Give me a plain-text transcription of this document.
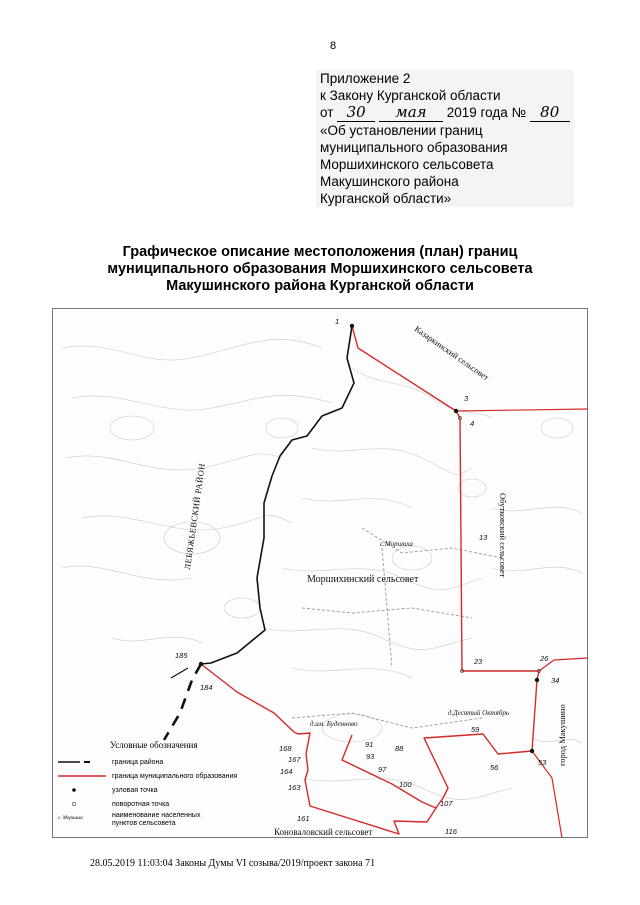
8
Приложение 2
к Закону Курганской области
от 30 мая 2019 года № 80
«Об установлении границ
муниципального образования
Моршихинского сельсовета
Макушинского района
Курганской области»
Графическое описание местоположения (план) границ
муниципального образования Моршихинского сельсовета
Макушинского района Курганской области
1
3
4
13
23	26
34
53
56
59
88
91
93
97
100
107
116
161
163
164
167
168
184
185
Казаркинский сельсовет
ЛЕБЯЖЬЕВСКИЙ РАЙОН	Обутковский сельсовет
город Макушино
с.Моршиха
Моршихинский сельсовет
д.им. Буденново
д.Десятый Октябрь
Коноваловский сельсовет
Условные обозначения
граница района
граница муниципального образования
узловая точка
поворотная точка
с. Моршиха	наименование населенных пунктов сельсовета
28.05.2019 11:03:04 Законы Думы VI созыва/2019/проект закона 71
